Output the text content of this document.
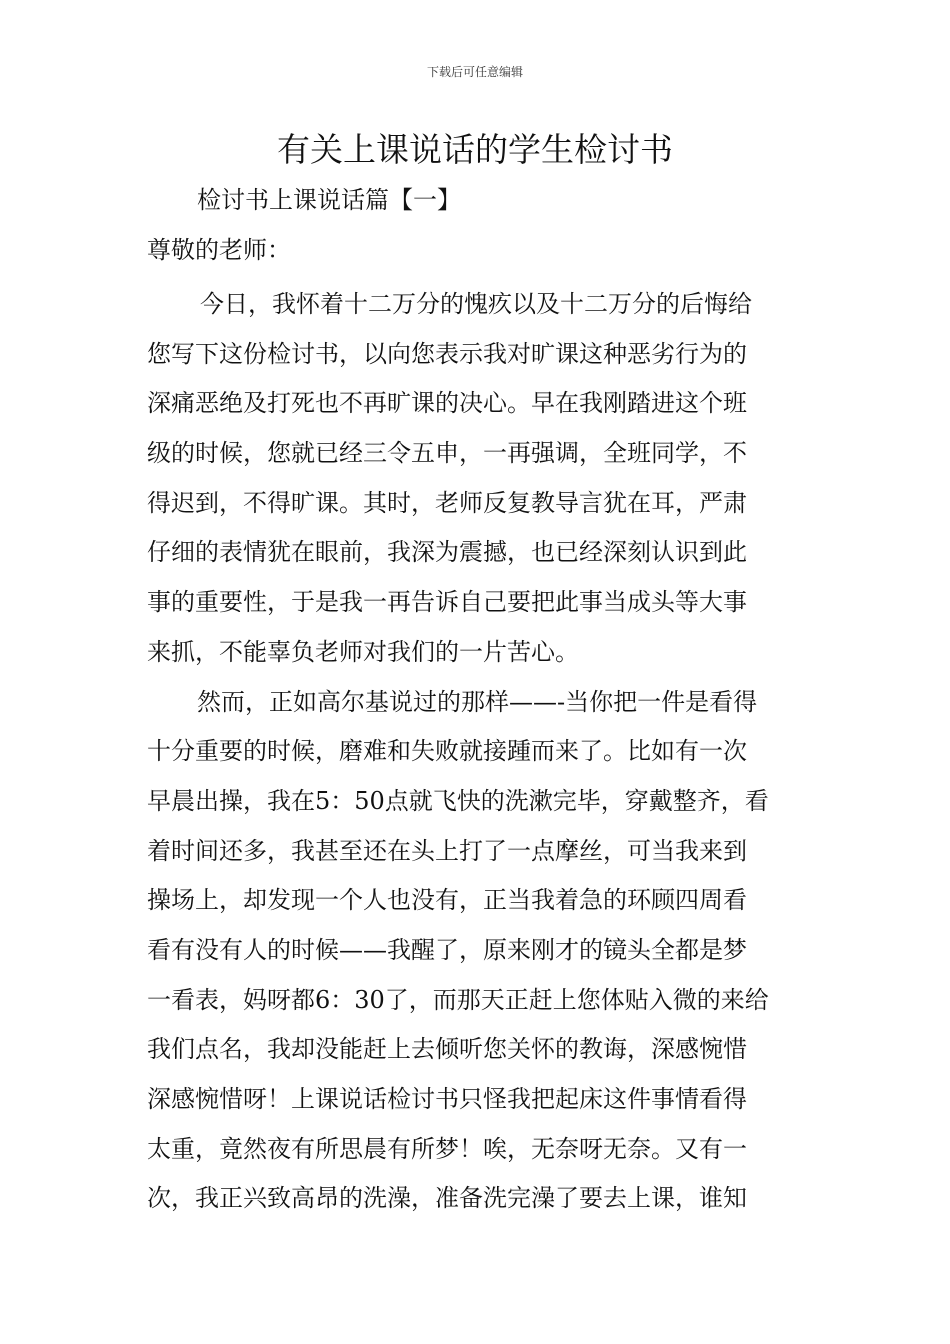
下载后可任意编辑
有关上课说话的学生检讨书
检讨书上课说话篇【一】
尊敬的老师：
今日，我怀着十二万分的愧疚以及十二万分的后悔给
您写下这份检讨书，以向您表示我对旷课这种恶劣行为的
深痛恶绝及打死也不再旷课的决心。早在我刚踏进这个班
级的时候，您就已经三令五申，一再强调，全班同学，不
得迟到，不得旷课。其时，老师反复教导言犹在耳，严肃
仔细的表情犹在眼前，我深为震撼，也已经深刻认识到此
事的重要性，于是我一再告诉自己要把此事当成头等大事
来抓，不能辜负老师对我们的一片苦心。
然而，正如高尔基说过的那样——-当你把一件是看得
十分重要的时候，磨难和失败就接踵而来了。比如有一次
早晨出操，我在5：50点就飞快的洗漱完毕，穿戴整齐，看
着时间还多，我甚至还在头上打了一点摩丝，可当我来到
操场上，却发现一个人也没有，正当我着急的环顾四周看
看有没有人的时候——我醒了，原来刚才的镜头全都是梦
一看表，妈呀都6：30了，而那天正赶上您体贴入微的来给
我们点名，我却没能赶上去倾听您关怀的教诲，深感惋惜
深感惋惜呀！上课说话检讨书只怪我把起床这件事情看得
太重，竟然夜有所思晨有所梦！唉，无奈呀无奈。又有一
次，我正兴致高昂的洗澡，准备洗完澡了要去上课，谁知
